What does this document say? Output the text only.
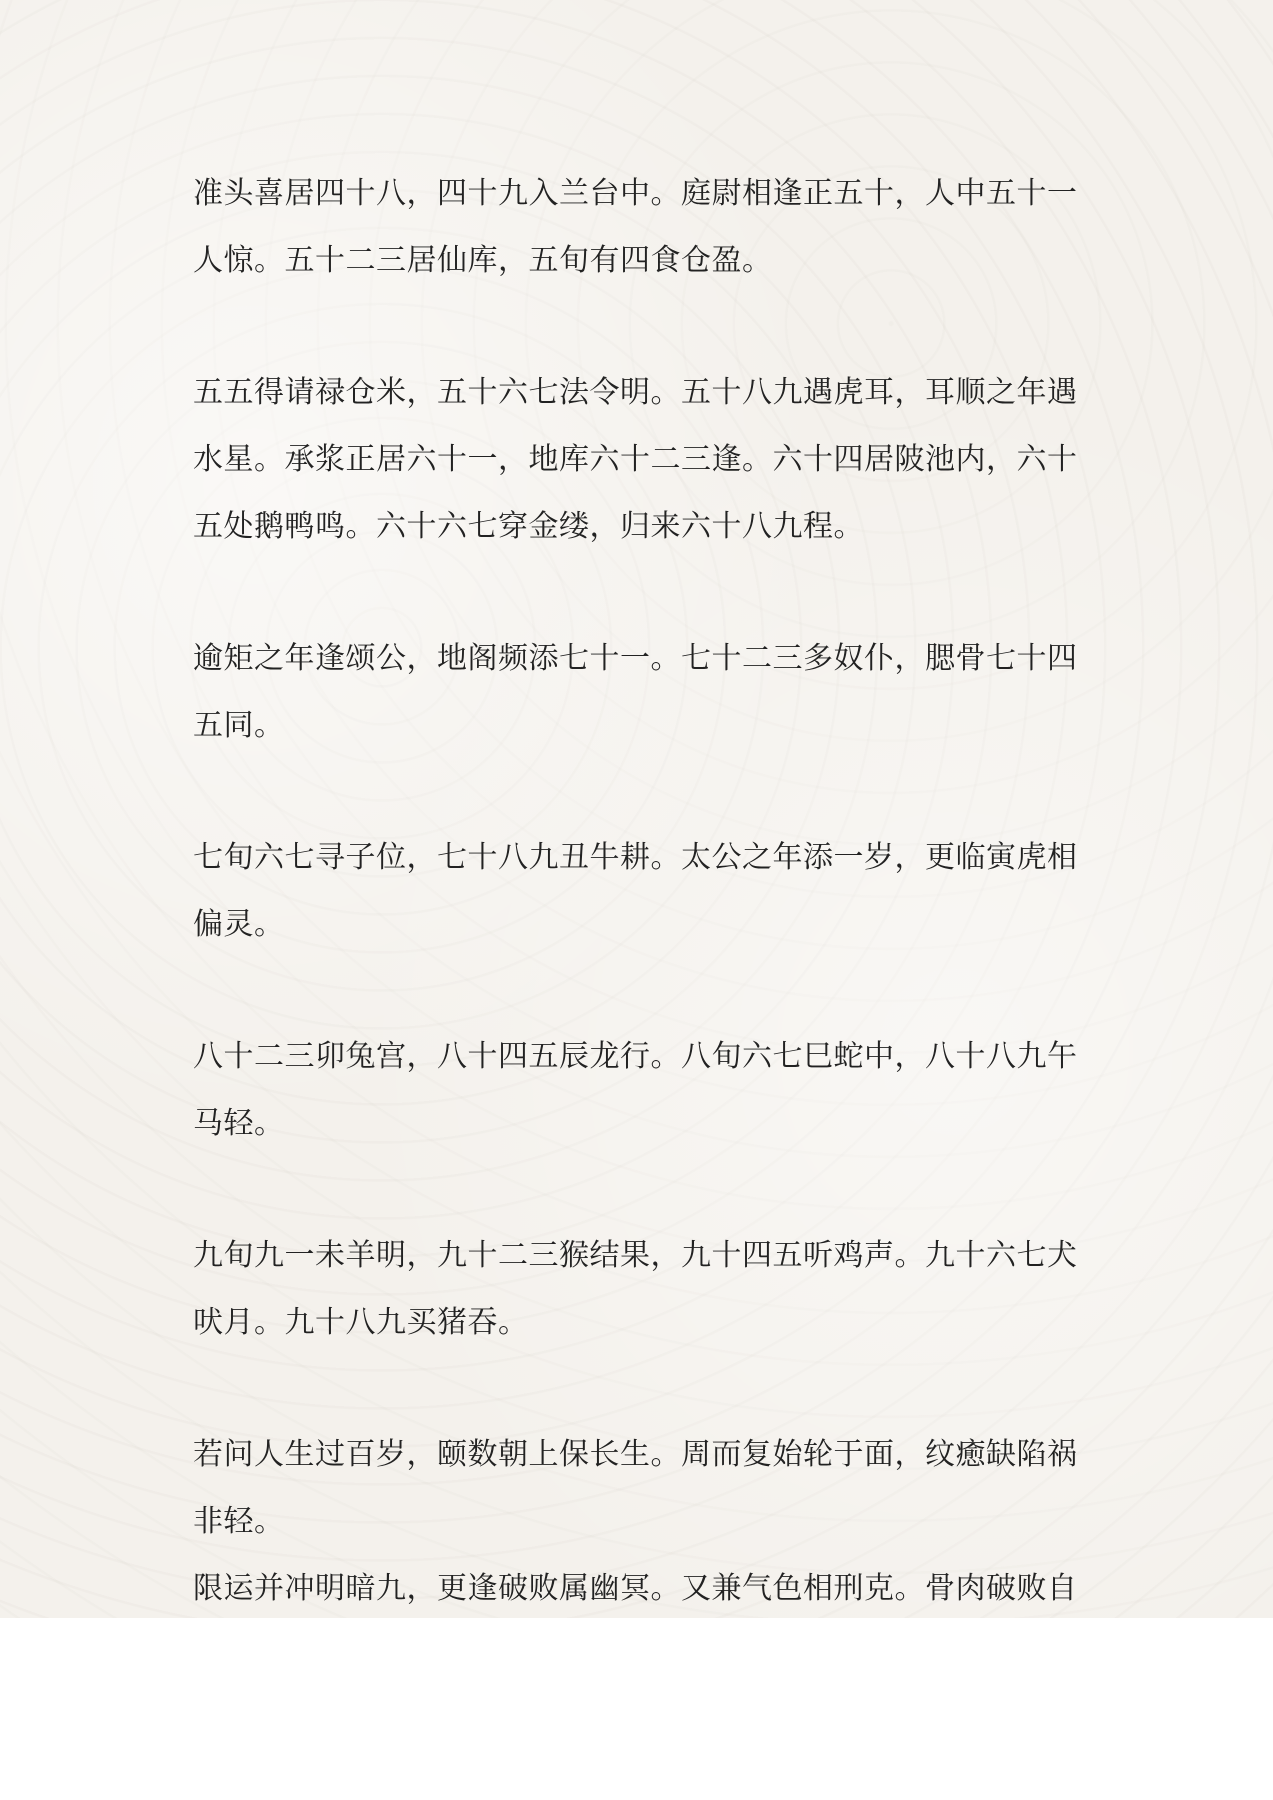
准头喜居四十八，四十九入兰台中。庭尉相逢正五十，人中五十一人惊。五十二三居仙库，五旬有四食仓盈。

五五得请禄仓米，五十六七法令明。五十八九遇虎耳，耳顺之年遇水星。承浆正居六十一，地库六十二三逢。六十四居陂池内，六十五处鹅鸭鸣。六十六七穿金缕，归来六十八九程。

逾矩之年逢颂公，地阁频添七十一。七十二三多奴仆，腮骨七十四五同。

七旬六七寻子位，七十八九丑牛耕。太公之年添一岁，更临寅虎相偏灵。

八十二三卯兔宫，八十四五辰龙行。八旬六七巳蛇中，八十八九午马轻。

九旬九一未羊明，九十二三猴结果，九十四五听鸡声。九十六七犬吠月。九十八九买猪吞。

若问人生过百岁，颐数朝上保长生。周而复始轮于面，纹癒缺陷祸非轻。

限运并冲明暗九，更逢破败属幽冥。又兼气色相刑克。骨肉破败自
